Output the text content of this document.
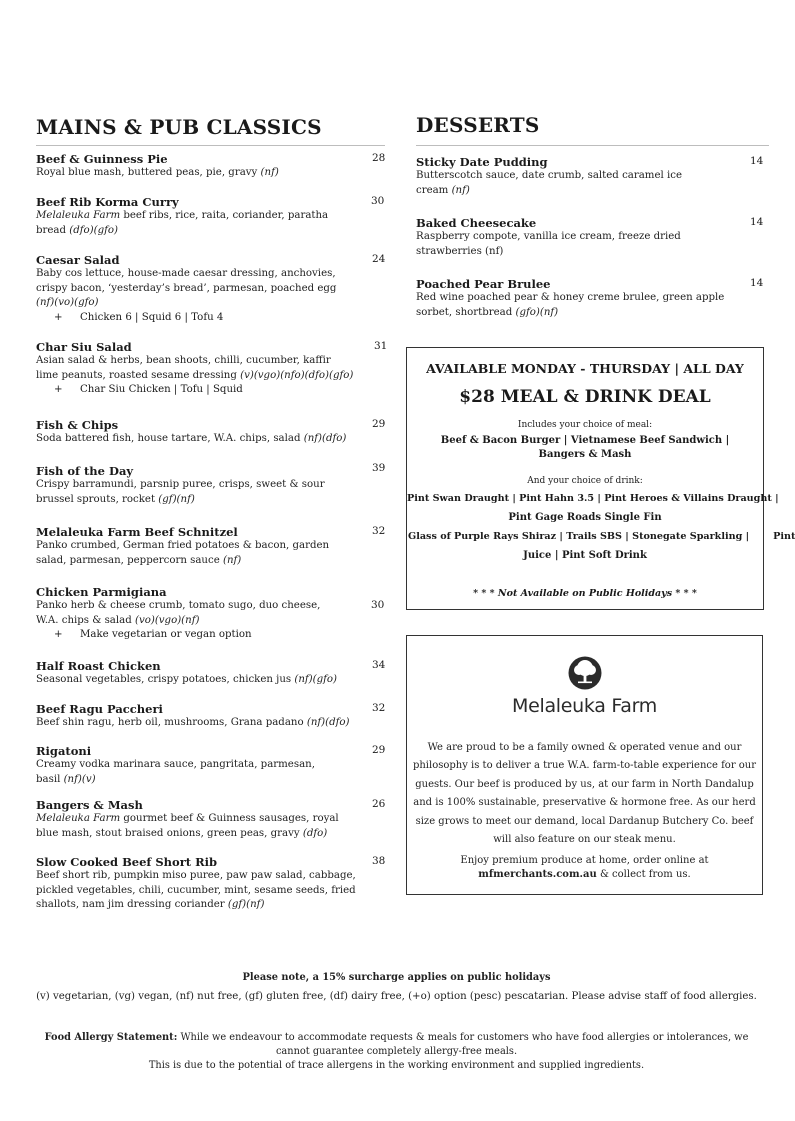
MAINS & PUB CLASSICS
Beef & Guinness Pie
Royal blue mash, buttered peas, pie, gravy (nf)
28
Beef Rib Korma Curry
Melaleuka Farm beef ribs, rice, raita, coriander, paratha bread (dfo)(gfo)
30
Caesar Salad
Baby cos lettuce, house-made caesar dressing, anchovies, crispy bacon, ‘yesterday’s bread’, parmesan, poached egg (nf)(vo)(gfo)
+ Chicken 6 | Squid 6 | Tofu 4
24
Char Siu Salad
Asian salad & herbs, bean shoots, chilli, cucumber, kaffir lime peanuts, roasted sesame dressing (v)(vgo)(nfo)(dfo)(gfo)
+ Char Siu Chicken | Tofu | Squid
31
Fish & Chips
Soda battered fish, house tartare, W.A. chips, salad (nf)(dfo)
29
Fish of the Day
Crispy barramundi, parsnip puree, crisps, sweet & sour brussel sprouts, rocket (gf)(nf)
39
Melaleuka Farm Beef Schnitzel
Panko crumbed, German fried potatoes & bacon, garden salad, parmesan, peppercorn sauce (nf)
32
Chicken Parmigiana
Panko herb & cheese crumb, tomato sugo, duo cheese, W.A. chips & salad (vo)(vgo)(nf)
+ Make vegetarian or vegan option
30
Half Roast Chicken
Seasonal vegetables, crispy potatoes, chicken jus (nf)(gfo)
34
Beef Ragu Paccheri
Beef shin ragu, herb oil, mushrooms, Grana padano (nf)(dfo)
32
Rigatoni
Creamy vodka marinara sauce, pangritata, parmesan, basil (nf)(v)
29
Bangers & Mash
Melaleuka Farm gourmet beef & Guinness sausages, royal blue mash, stout braised onions, green peas, gravy (dfo)
26
Slow Cooked Beef Short Rib
Beef short rib, pumpkin miso puree, paw paw salad, cabbage, pickled vegetables, chili, cucumber, mint, sesame seeds, fried shallots, nam jim dressing coriander (gf)(nf)
38
DESSERTS
Sticky Date Pudding
Butterscotch sauce, date crumb, salted caramel ice cream (nf)
14
Baked Cheesecake
Raspberry compote, vanilla ice cream, freeze dried strawberries (nf)
14
Poached Pear Brulee
Red wine poached pear & honey creme brulee, green apple sorbet, shortbread (gfo)(nf)
14
AVAILABLE MONDAY - THURSDAY | ALL DAY
$28 MEAL & DRINK DEAL
Includes your choice of meal:
Beef & Bacon Burger | Vietnamese Beef Sandwich |
Bangers & Mash
And your choice of drink:
Pint Swan Draught | Pint Hahn 3.5 | Pint Heroes & Villains Draught |
Pint Gage Roads Single Fin
Glass of Purple Rays Shiraz | Trails SBS | Stonegate Sparkling |	Pint
Juice | Pint Soft Drink
* * * Not Available on Public Holidays * * *
Melaleuka Farm
We are proud to be a family owned & operated venue and our
philosophy is to deliver a true W.A. farm-to-table experience for our
guests. Our beef is produced by us, at our farm in North Dandalup
and is 100% sustainable, preservative & hormone free. As our herd
size grows to meet our demand, local Dardanup Butchery Co. beef
will also feature on our steak menu.
Enjoy premium produce at home, order online at
mfmerchants.com.au & collect from us.
Please note, a 15% surcharge applies on public holidays
(v) vegetarian, (vg) vegan, (nf) nut free, (gf) gluten free, (df) dairy free, (+o) option (pesc) pescatarian. Please advise staff of food allergies.
Food Allergy Statement: While we endeavour to accommodate requests & meals for customers who have food allergies or intolerances, we
cannot guarantee completely allergy-free meals.
This is due to the potential of trace allergens in the working environment and supplied ingredients.
